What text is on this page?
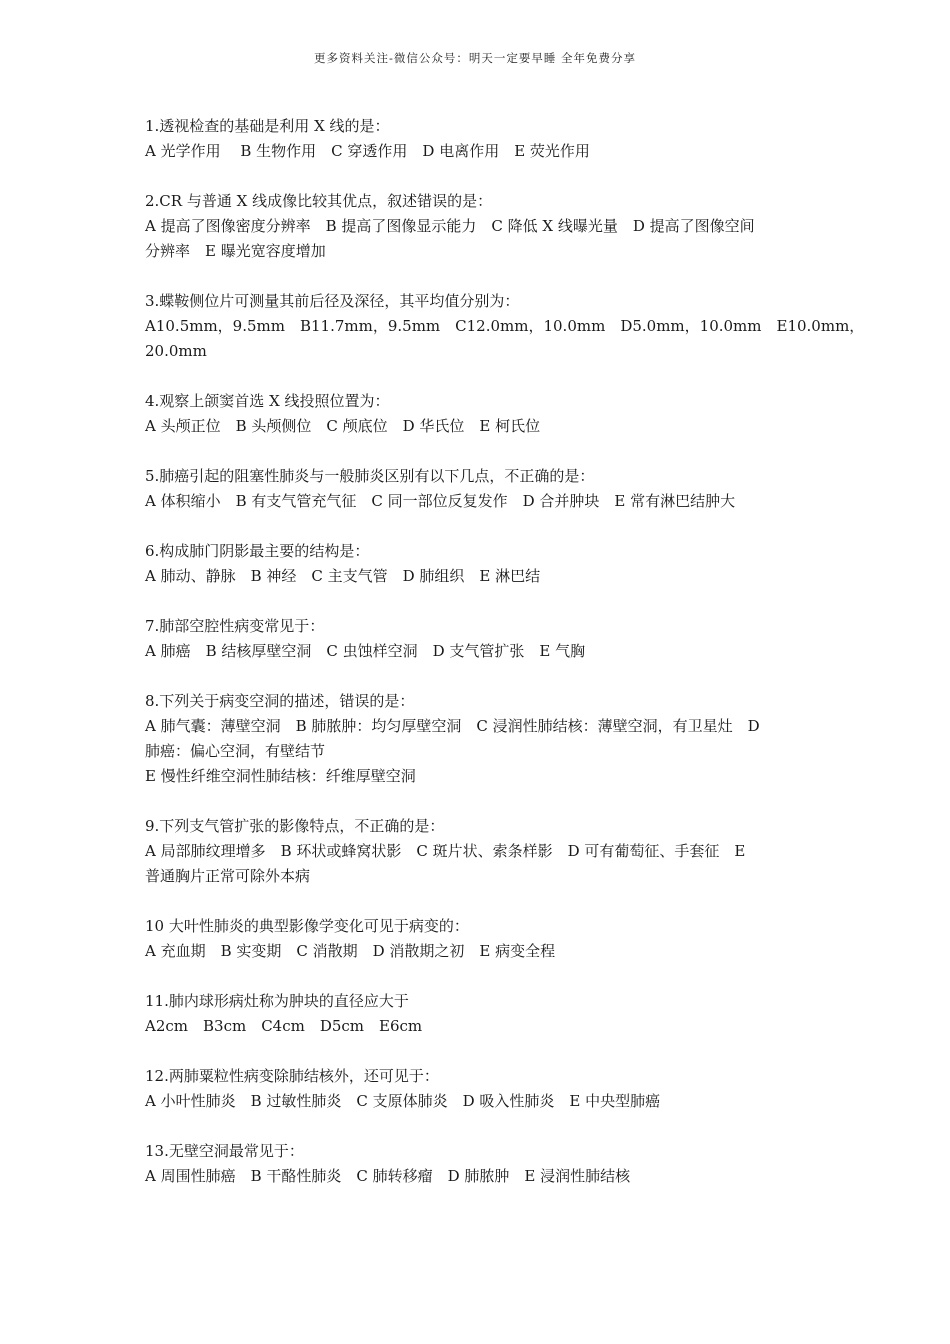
更多资料关注-微信公众号：明天一定要早睡 全年免费分享
1.透视检查的基础是利用 X 线的是：
A 光学作用　 B 生物作用　C 穿透作用　D 电离作用　E 荧光作用
2.CR 与普通 X 线成像比较其优点，叙述错误的是：
A 提高了图像密度分辨率　B 提高了图像显示能力　C 降低 X 线曝光量　D 提高了图像空间
分辨率　E 曝光宽容度增加
3.蝶鞍侧位片可测量其前后径及深径，其平均值分别为：
A10.5mm，9.5mm　B11.7mm，9.5mm　C12.0mm，10.0mm　D5.0mm，10.0mm　E10.0mm，
20.0mm
4.观察上颌窦首选 X 线投照位置为：
A 头颅正位　B 头颅侧位　C 颅底位　D 华氏位　E 柯氏位
5.肺癌引起的阻塞性肺炎与一般肺炎区别有以下几点，不正确的是：
A 体积缩小　B 有支气管充气征　C 同一部位反复发作　D 合并肿块　E 常有淋巴结肿大
6.构成肺门阴影最主要的结构是：
A 肺动、静脉　B 神经　C 主支气管　D 肺组织　E 淋巴结
7.肺部空腔性病变常见于：
A 肺癌　B 结核厚壁空洞　C 虫蚀样空洞　D 支气管扩张　E 气胸
8.下列关于病变空洞的描述，错误的是：
A 肺气囊：薄壁空洞　B 肺脓肿：均匀厚壁空洞　C 浸润性肺结核：薄壁空洞，有卫星灶　D
肺癌：偏心空洞，有壁结节
E 慢性纤维空洞性肺结核：纤维厚壁空洞
9.下列支气管扩张的影像特点，不正确的是：
A 局部肺纹理增多　B 环状或蜂窝状影　C 斑片状、索条样影　D 可有葡萄征、手套征　E
普通胸片正常可除外本病
10 大叶性肺炎的典型影像学变化可见于病变的：
A 充血期　B 实变期　C 消散期　D 消散期之初　E 病变全程
11.肺内球形病灶称为肿块的直径应大于
A2cm　B3cm　C4cm　D5cm　E6cm
12.两肺粟粒性病变除肺结核外，还可见于：
A 小叶性肺炎　B 过敏性肺炎　C 支原体肺炎　D 吸入性肺炎　E 中央型肺癌
13.无壁空洞最常见于：
A 周围性肺癌　B 干酪性肺炎　C 肺转移瘤　D 肺脓肿　E 浸润性肺结核
